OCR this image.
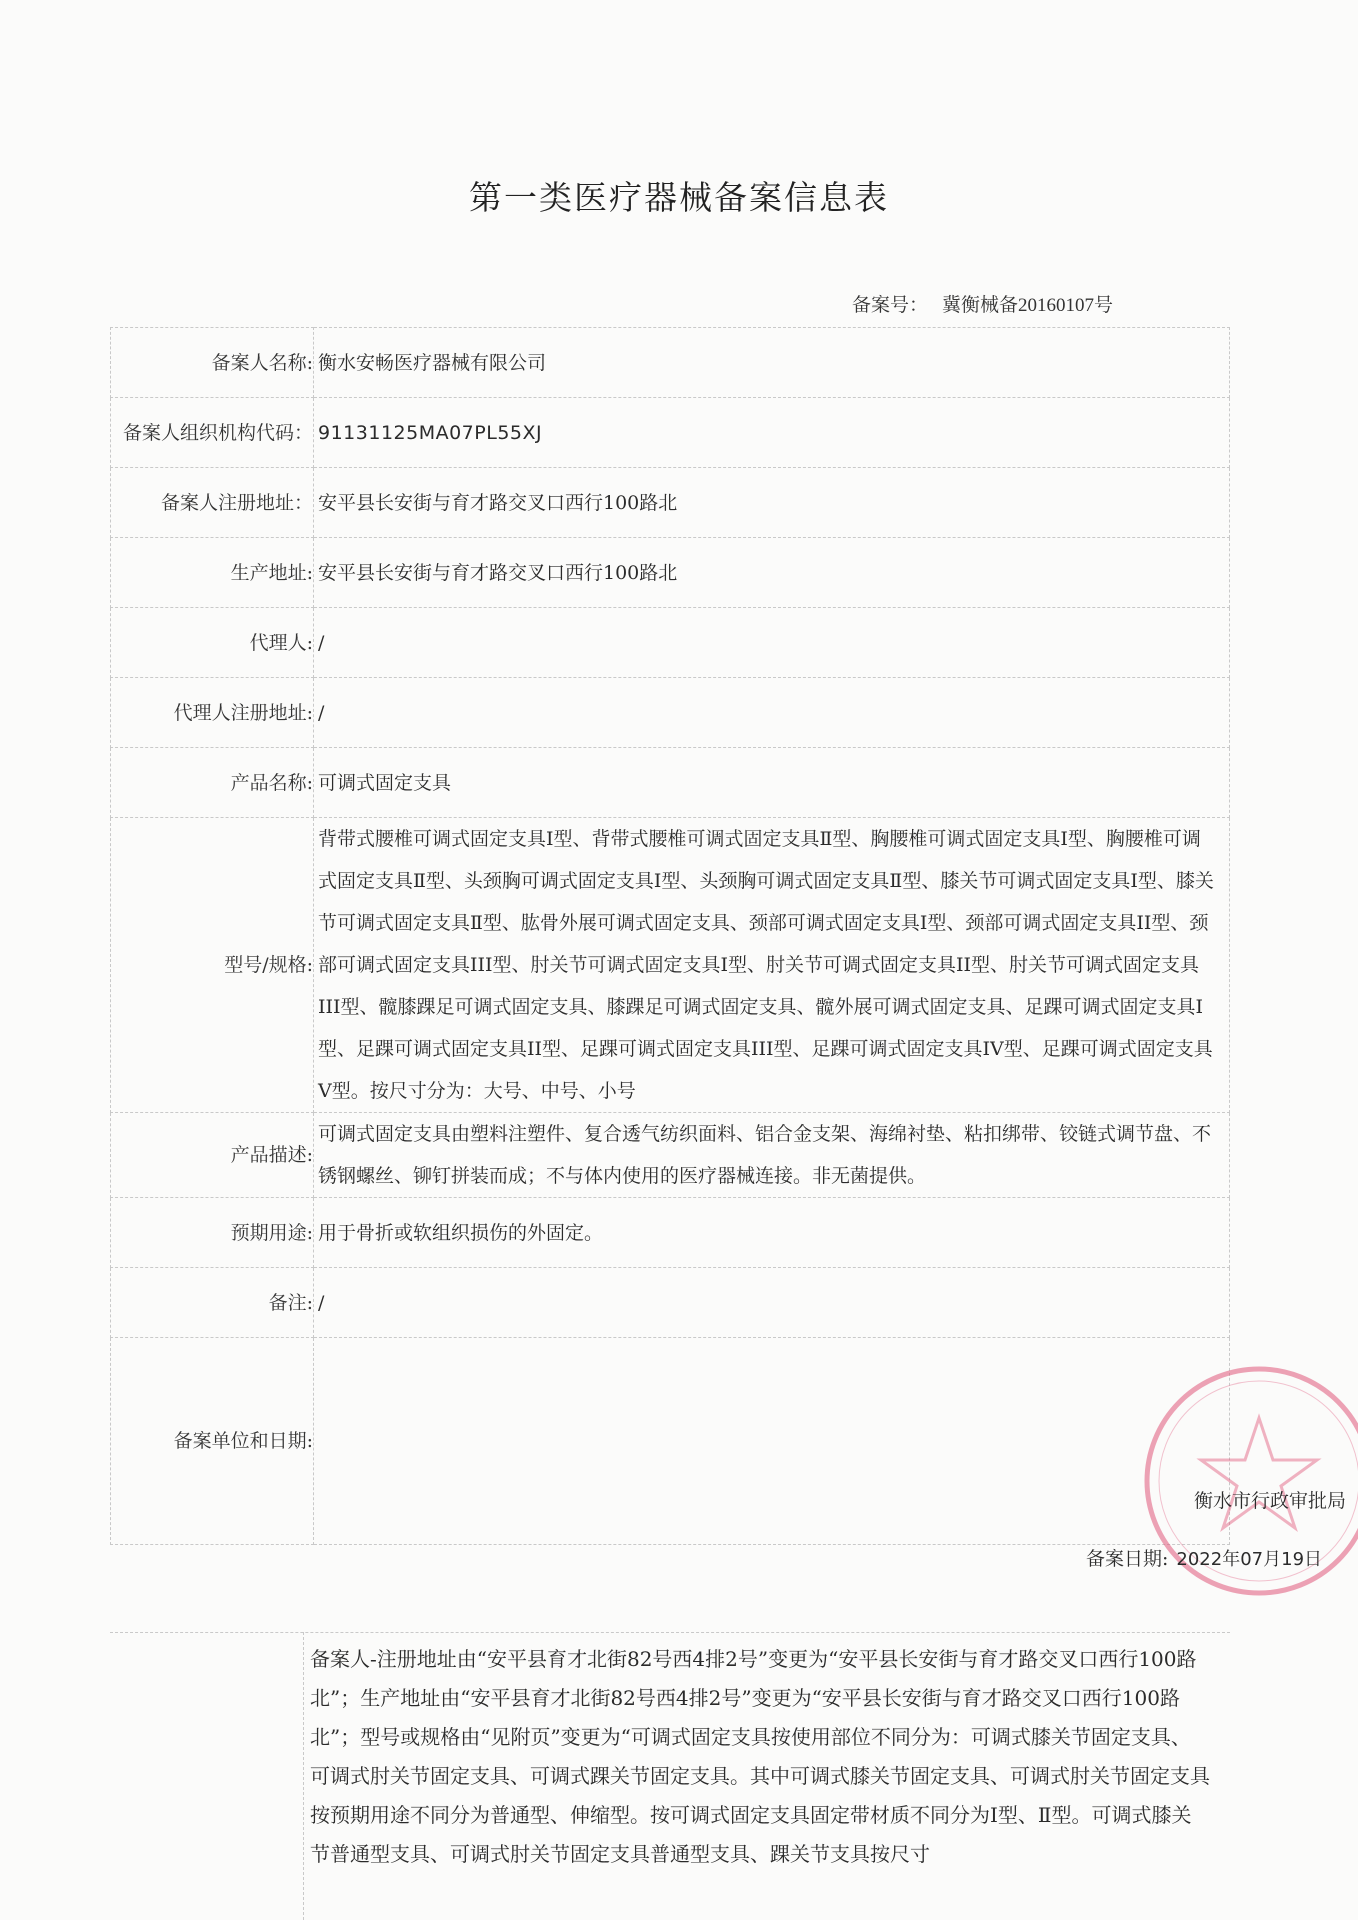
第一类医疗器械备案信息表
备案号： 冀衡械备20160107号
备案人名称:	衡水安畅医疗器械有限公司
备案人组织机构代码：	91131125MA07PL55XJ
备案人注册地址：	安平县长安街与育才路交叉口西行100路北
生产地址:	安平县长安街与育才路交叉口西行100路北
代理人:	/
代理人注册地址:	/
产品名称:	可调式固定支具
型号/规格:	背带式腰椎可调式固定支具Ⅰ型、背带式腰椎可调式固定支具Ⅱ型、胸腰椎可调式固定支具Ⅰ型、胸腰椎可调式固定支具Ⅱ型、头颈胸可调式固定支具Ⅰ型、头颈胸可调式固定支具Ⅱ型、膝关节可调式固定支具Ⅰ型、膝关节可调式固定支具Ⅱ型、肱骨外展可调式固定支具、颈部可调式固定支具Ⅰ型、颈部可调式固定支具II型、颈部可调式固定支具III型、肘关节可调式固定支具I型、肘关节可调式固定支具II型、肘关节可调式固定支具III型、髋膝踝足可调式固定支具、膝踝足可调式固定支具、髋外展可调式固定支具、足踝可调式固定支具I型、足踝可调式固定支具II型、足踝可调式固定支具III型、足踝可调式固定支具IV型、足踝可调式固定支具V型。按尺寸分为：大号、中号、小号
产品描述:	可调式固定支具由塑料注塑件、复合透气纺织面料、铝合金支架、海绵衬垫、粘扣绑带、铰链式调节盘、不锈钢螺丝、铆钉拼装而成；不与体内使用的医疗器械连接。非无菌提供。
预期用途:	用于骨折或软组织损伤的外固定。
备注:	/
备案单位和日期:	衡水市行政审批局
备案日期: 2022年07月19日
备案人-注册地址由“安平县育才北街82号西4排2号”变更为“安平县长安街与育才路交叉口西行100路北”；生产地址由“安平县育才北街82号西4排2号”变更为“安平县长安街与育才路交叉口西行100路北”；型号或规格由“见附页”变更为“可调式固定支具按使用部位不同分为：可调式膝关节固定支具、可调式肘关节固定支具、可调式踝关节固定支具。其中可调式膝关节固定支具、可调式肘关节固定支具按预期用途不同分为普通型、伸缩型。按可调式固定支具固定带材质不同分为Ⅰ型、Ⅱ型。可调式膝关节普通型支具、可调式肘关节固定支具普通型支具、踝关节支具按尺寸
